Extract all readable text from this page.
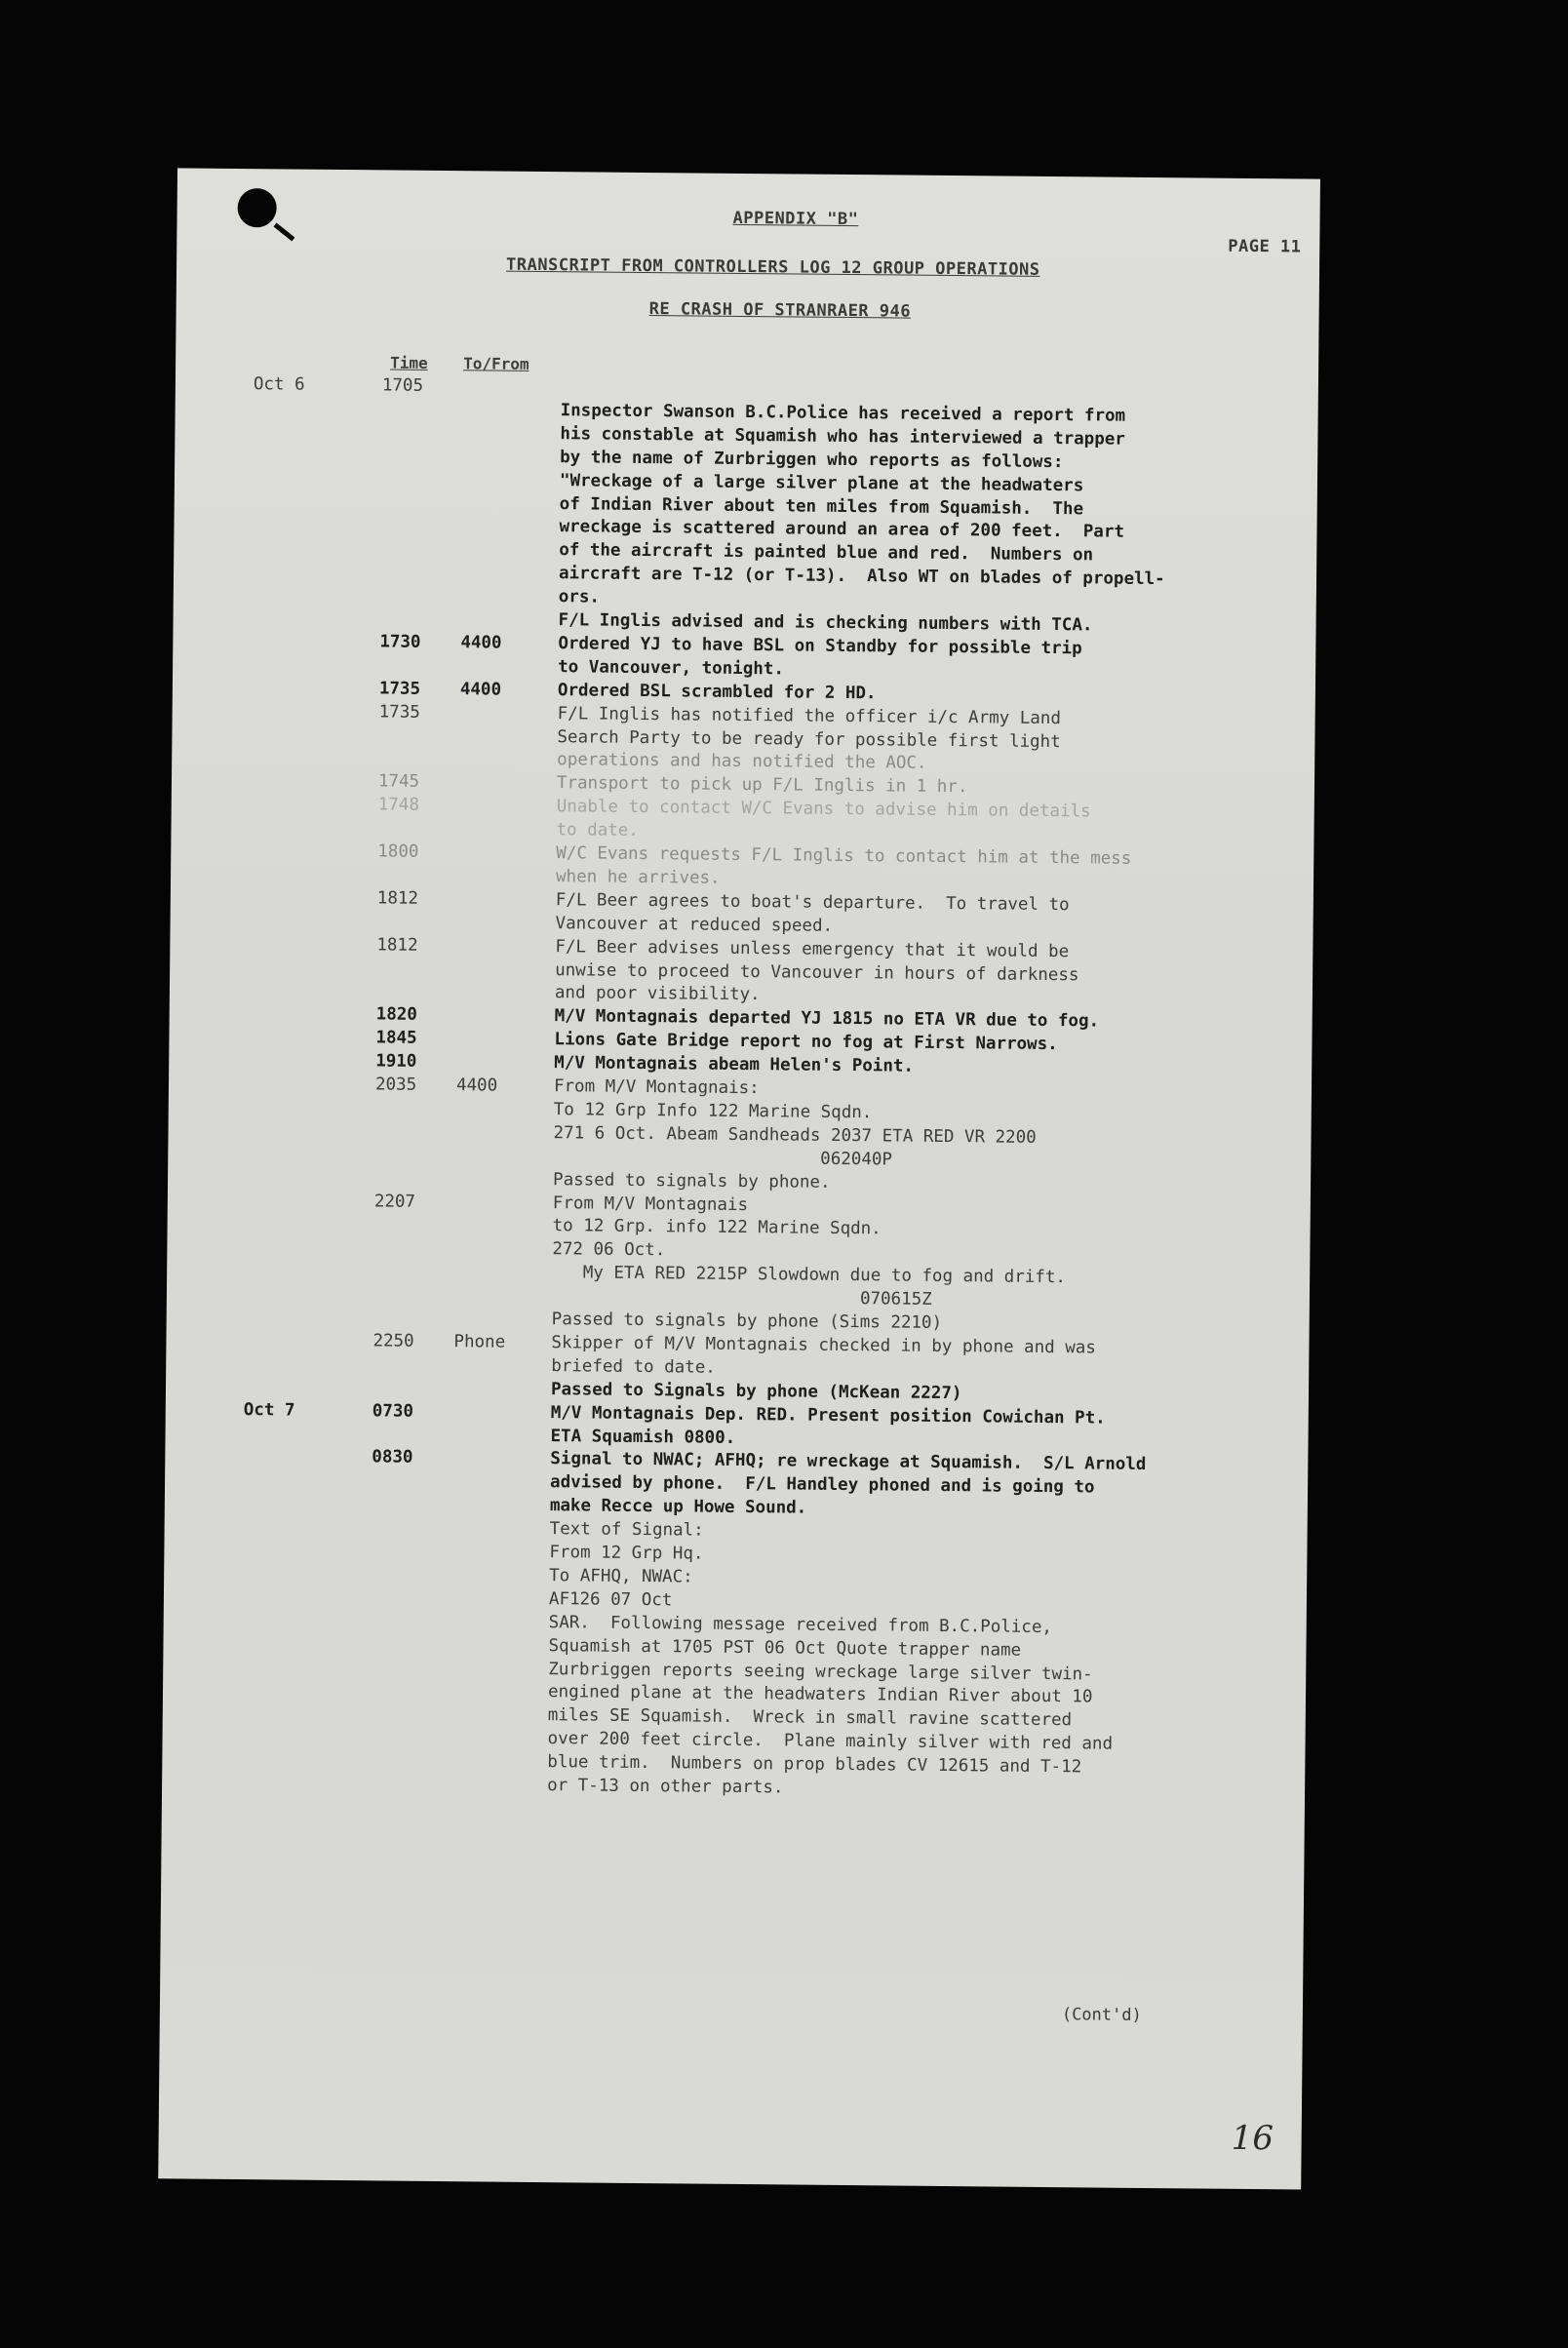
APPENDIX "B"
PAGE 11
TRANSCRIPT FROM CONTROLLERS LOG 12 GROUP OPERATIONS
RE CRASH OF STRANRAER 946
Time To/From
Oct 6	1705
Inspector Swanson B.C.Police has received a report from
his constable at Squamish who has interviewed a trapper
by the name of Zurbriggen who reports as follows:
"Wreckage of a large silver plane at the headwaters
of Indian River about ten miles from Squamish.  The
wreckage is scattered around an area of 200 feet.  Part
of the aircraft is painted blue and red.  Numbers on
aircraft are T-12 (or T-13).  Also WT on blades of propell-
ors.
F/L Inglis advised and is checking numbers with TCA.
1730 4400	Ordered YJ to have BSL on Standby for possible trip
to Vancouver, tonight.
1735 4400	Ordered BSL scrambled for 2 HD.
1735	F/L Inglis has notified the officer i/c Army Land
Search Party to be ready for possible first light
operations and has notified the AOC.
1745	Transport to pick up F/L Inglis in 1 hr.
1748	Unable to contact W/C Evans to advise him on details
to date.
1800	W/C Evans requests F/L Inglis to contact him at the mess
when he arrives.
1812	F/L Beer agrees to boat's departure.  To travel to
Vancouver at reduced speed.
1812	F/L Beer advises unless emergency that it would be
unwise to proceed to Vancouver in hours of darkness
and poor visibility.
1820	M/V Montagnais departed YJ 1815 no ETA VR due to fog.
1845	Lions Gate Bridge report no fog at First Narrows.
1910	M/V Montagnais abeam Helen's Point.
2035 4400	From M/V Montagnais:
To 12 Grp Info 122 Marine Sqdn.
271 6 Oct. Abeam Sandheads 2037 ETA RED VR 2200
062040P
Passed to signals by phone.
2207	From M/V Montagnais
to 12 Grp. info 122 Marine Sqdn.
272 06 Oct.
My ETA RED 2215P Slowdown due to fog and drift.
070615Z
Passed to signals by phone (Sims 2210)
2250 Phone	Skipper of M/V Montagnais checked in by phone and was
briefed to date.
Passed to Signals by phone (McKean 2227)
Oct 7	0730	M/V Montagnais Dep. RED. Present position Cowichan Pt.
ETA Squamish 0800.
0830	Signal to NWAC; AFHQ; re wreckage at Squamish.  S/L Arnold
advised by phone.  F/L Handley phoned and is going to
make Recce up Howe Sound.
Text of Signal:
From 12 Grp Hq.
To AFHQ, NWAC:
AF126 07 Oct
SAR.  Following message received from B.C.Police,
Squamish at 1705 PST 06 Oct Quote trapper name
Zurbriggen reports seeing wreckage large silver twin-
engined plane at the headwaters Indian River about 10
miles SE Squamish.  Wreck in small ravine scattered
over 200 feet circle.  Plane mainly silver with red and
blue trim.  Numbers on prop blades CV 12615 and T-12
or T-13 on other parts.
(Cont'd)
16
